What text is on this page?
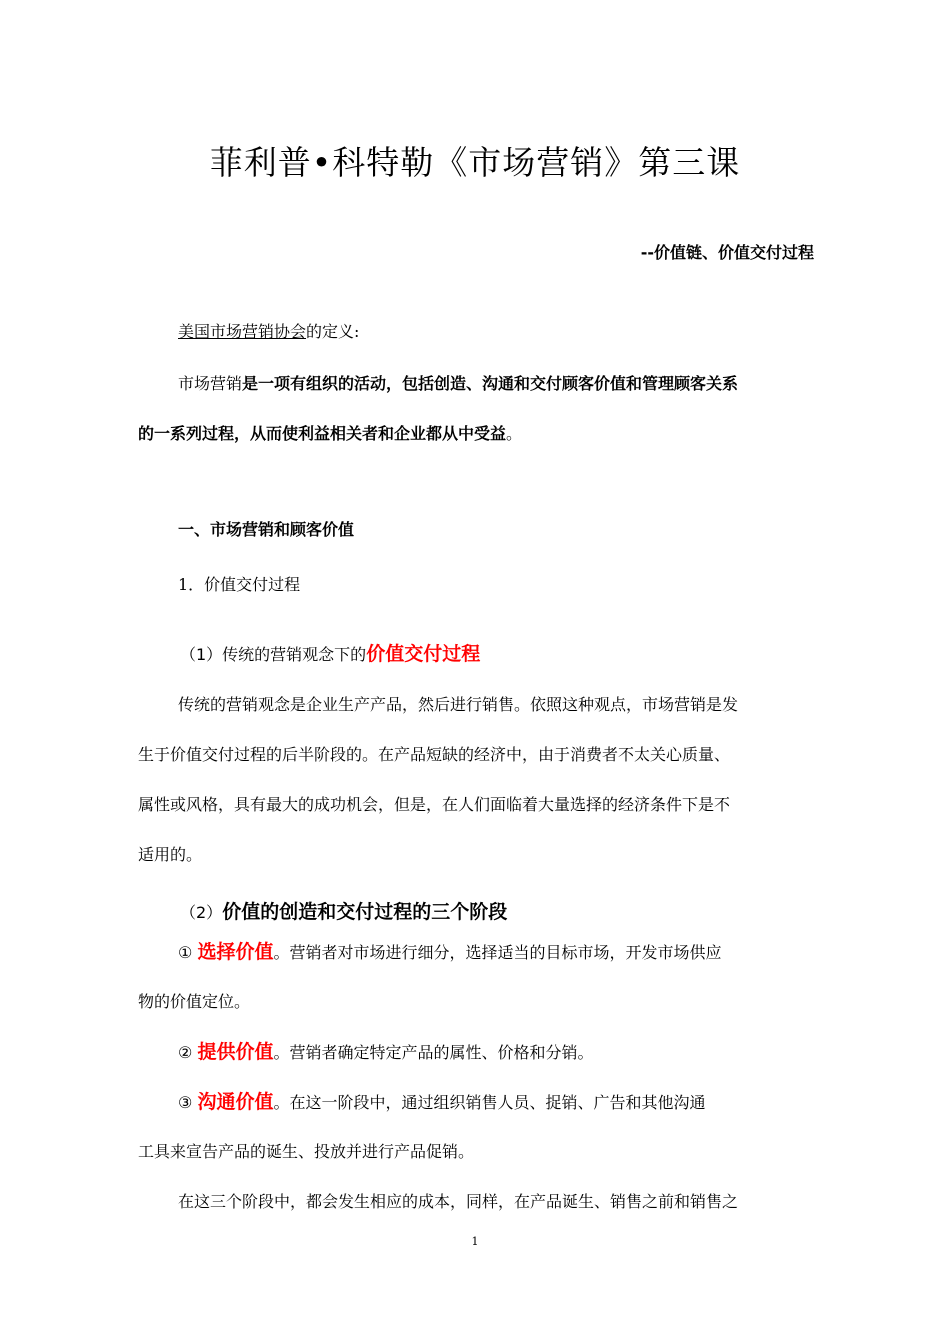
菲利普•科特勒《市场营销》第三课
--价值链、价值交付过程
美国市场营销协会的定义:
市场营销是一项有组织的活动，包括创造、沟通和交付顾客价值和管理顾客关系
的一系列过程，从而使利益相关者和企业都从中受益。
一、市场营销和顾客价值
1．价值交付过程
（1）传统的营销观念下的价值交付过程
传统的营销观念是企业生产产品，然后进行销售。依照这种观点，市场营销是发
生于价值交付过程的后半阶段的。在产品短缺的经济中，由于消费者不太关心质量、
属性或风格，具有最大的成功机会，但是，在人们面临着大量选择的经济条件下是不
适用的。
（2）价值的创造和交付过程的三个阶段
① 选择价值。营销者对市场进行细分，选择适当的目标市场，开发市场供应
物的价值定位。
② 提供价值。营销者确定特定产品的属性、价格和分销。
③ 沟通价值。在这一阶段中，通过组织销售人员、捉销、广告和其他沟通
工具来宣告产品的诞生、投放并进行产品促销。
在这三个阶段中，都会发生相应的成本，同样，在产品诞生、销售之前和销售之
1
